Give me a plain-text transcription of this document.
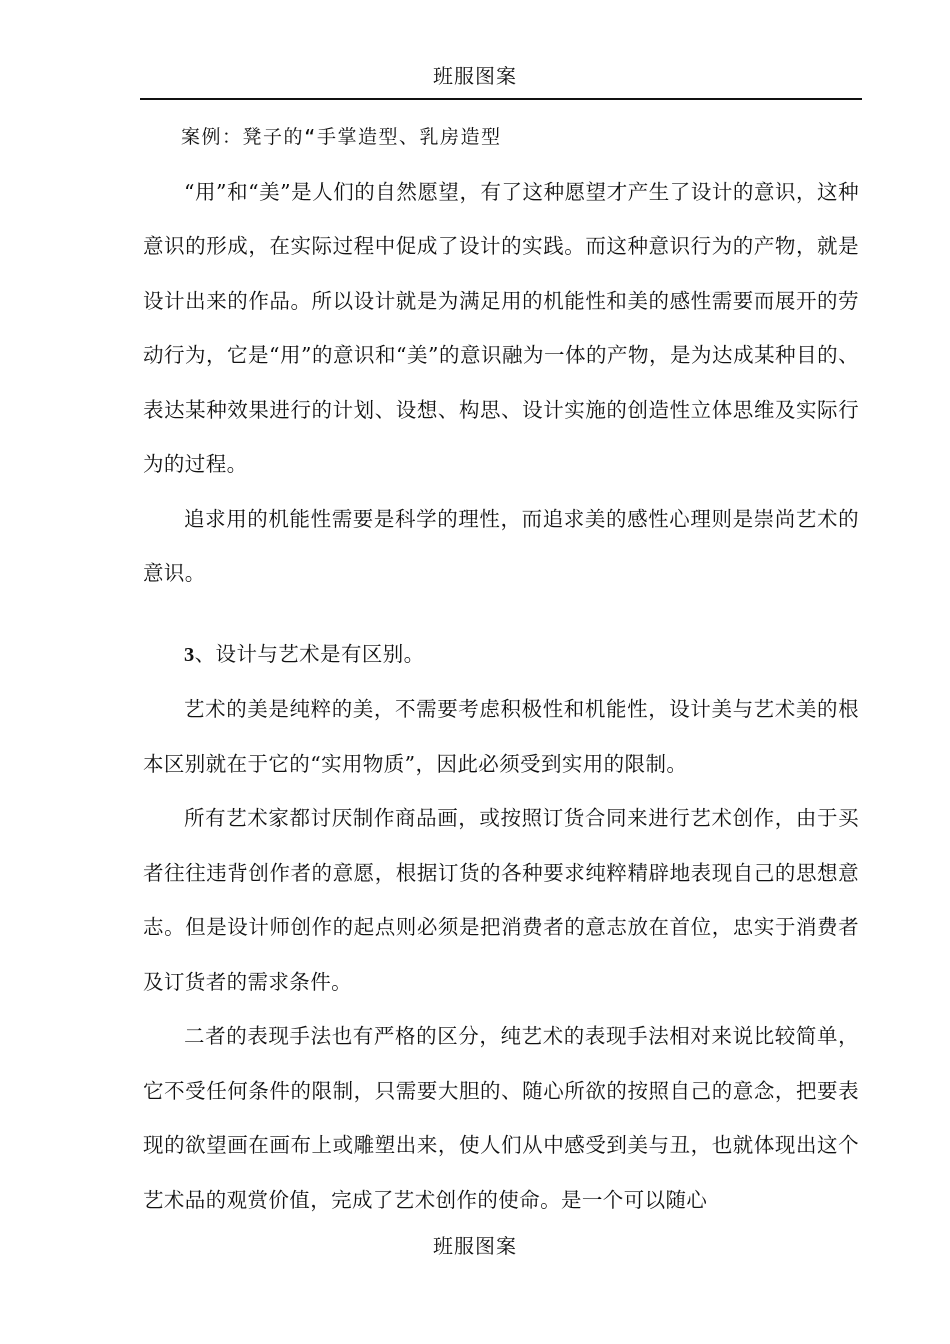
班服图案

案例：凳子的“手掌造型、乳房造型

“用”和“美”是人们的自然愿望，有了这种愿望才产生了设计的意识，这种意识的形成，在实际过程中促成了设计的实践。而这种意识行为的产物，就是设计出来的作品。所以设计就是为满足用的机能性和美的感性需要而展开的劳动行为，它是“用”的意识和“美”的意识融为一体的产物，是为达成某种目的、表达某种效果进行的计划、设想、构思、设计实施的创造性立体思维及实际行为的过程。

追求用的机能性需要是科学的理性，而追求美的感性心理则是崇尚艺术的意识。

3、设计与艺术是有区别。

艺术的美是纯粹的美，不需要考虑积极性和机能性，设计美与艺术美的根本区别就在于它的“实用物质”，因此必须受到实用的限制。

所有艺术家都讨厌制作商品画，或按照订货合同来进行艺术创作，由于买者往往违背创作者的意愿，根据订货的各种要求纯粹精辟地表现自己的思想意志。但是设计师创作的起点则必须是把消费者的意志放在首位，忠实于消费者及订货者的需求条件。

二者的表现手法也有严格的区分，纯艺术的表现手法相对来说比较简单，它不受任何条件的限制，只需要大胆的、随心所欲的按照自己的意念，把要表现的欲望画在画布上或雕塑出来，使人们从中感受到美与丑，也就体现出这个艺术品的观赏价值，完成了艺术创作的使命。是一个可以随心

班服图案
